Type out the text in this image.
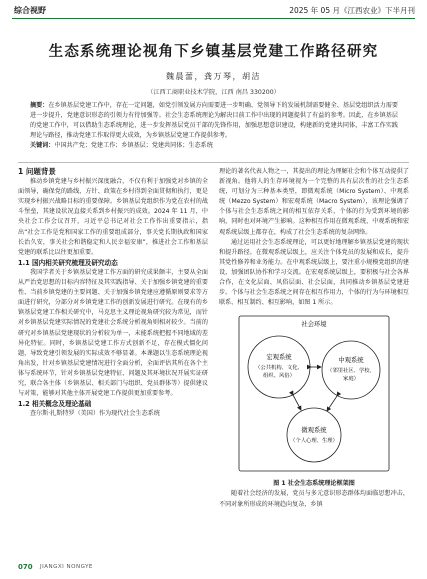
综合视野	2025 年 05 月《江西农业》下半月刊
生态系统理论视角下乡镇基层党建工作路径研究
魏晨蕾，龚万琴，胡洁
（江西工商职业技术学院，江西 南昌 330200）
摘要：在乡镇基层党建工作中，存在一定问题，如党引领发展方向需要进一步明确、党领导下的发展机制需要健全、基层党组织活力需要进一步提升，党建意识形态的引领力有待加强等。社会生态系统理论为解决目前工作中出现的问题提供了有益的参考。因此，在乡镇基层的党建工作中，可以借助生态系统理论，进一步发挥基层党员干部的先锋作用，加强思想意识建设，构建新的党建共同体，丰富工作实践理论与路径，推动党建工作取得更大成效，为乡镇基层党建工作提供参考。
关键词：中国共产党；党建工作；乡镇基层；党建共同体；生态系统

1 问题背景

推动乡镇党建与乡村振兴深度融合，不仅有利于加强党对乡镇的全面领导，确保党的路线、方针、政策在乡村得到全面贯彻和执行，更是实现乡村振兴战略目标的重要保障。乡镇基层党组织作为党在农村的战斗堡垒，其建设状况直接关系到乡村振兴的成效。2024 年 11 月，中央社会工作会议召开，习近平总书记对社会工作作出重要指示，指出“社会工作是党和国家工作的重要组成部分，事关党长期执政和国家长治久安，事关社会和谐稳定和人民幸福安康”，推进社会工作和基层党建的联系比以往更加重要。

1.1 国内相关研究梳理及研究动态

我国学者关于乡镇基层党建工作方面的研究成果颇丰，主要从全面从严治党思想的目标内容特征及其实践指导、关于加强乡镇党建的重要性、当前乡镇党建的主要问题、关于加强乡镇党建应遵循原则要求等方面进行研究，分部分对乡镇党建工作的创新发展进行研究。在现有的乡镇基层党建工作相关研究中，马克思主义理论视角研究较为常见，而针对乡镇基层党建实际情况的党建社会系统分析视角则相对较少。当前的研究对乡镇基层党建现状的分析较为单一，未能系统把握不同地域的差异化特征。同时，乡镇基层党建工作方式创新不足，存在模式僵化问题，导致党建引领发展的实际成效不够显著。本课题以生态系统理论视角出发，针对乡镇基层党建情况进行全面分析，全面评估其所在各个主体与系统环节，针对乡镇基层党建特征、问题及其环境状况开展实证研究，联合各主体（乡镇基层、相关部门与组织、党员群体等）提供建议与对策，能够对其他主体开展党建工作提供更加重要参考。

1.2 相关概念及理论基础

查尔斯·扎斯特罗（美国）作为现代社会生态系统

理论的著名代表人物之一，其提出的理论为理解社会和个体互动提供了新视角。他将人的生存环境视为一个完整的具有层次性的社会生态系统，可划分为三种基本类型，即微观系统（Micro System）、中观系统（Mezzo System）和宏观系统（Macro System），该理论强调了个体与社会生态系统之间的相互依存关系，个体的行为受到环境的影响，同时也对环境产生影响。这种相互作用在微观系统、中观系统和宏观系统层级上都存在，构成了社会生态系统的复杂网络。

通过运用社会生态系统理论，可以更好地理解乡镇基层党建的现状和提升路径。在微观系统层级上，应关注个体党员的发展和成长，提升其党性修养和业务能力。在中观系统层级上，要注重小规模党组织的建设，加强团队协作和学习交流。在宏观系统层级上，要积极与社会各界合作，在文化层面、风俗层面、社会层面，共同推动乡镇基层党建进步。个体与社会生态系统之间存在相互作用力，个体的行为与环境相互联系、相互制约、相互影响，如图 1 所示。

社会环境
宏观系统
（公共机构、文化、
组织、风俗）
中观系统
（邻里社区、学校、
家庭）
微观系统
（个人心理、生理）

图 1 社会生态系统理论框架图

随着社会经济的发展，党员与多元意识形态群体均面临思想冲击，不同对象所形成的环境趋向复杂，乡镇

070 JIANGXI NONGYE
